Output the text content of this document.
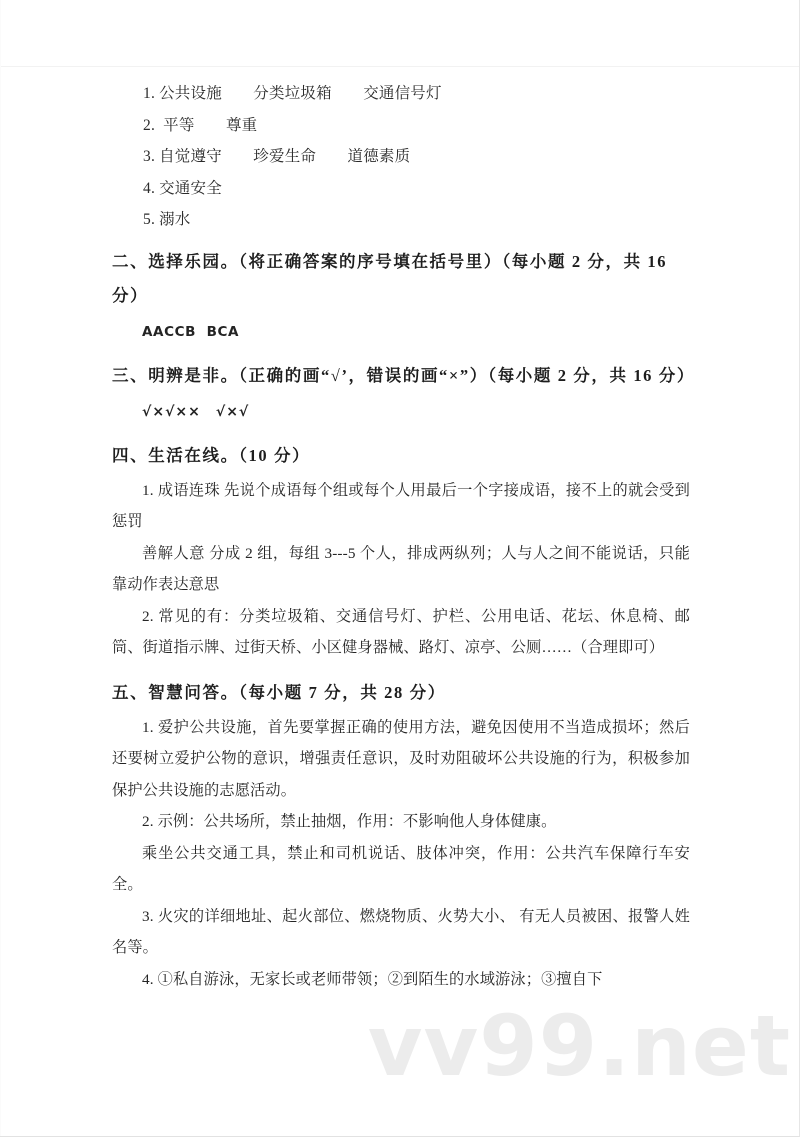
vv99.net
1. 公共设施　　分类垃圾箱　　交通信号灯
2.  平等　　尊重
3. 自觉遵守　　珍爱生命　　道德素质
4. 交通安全
5. 溺水
二、选择乐园。（将正确答案的序号填在括号里）（每小题 2 分，共 16 分）
AACCB  BCA
三、明辨是非。（正确的画“√’，错误的画“×”）（每小题 2 分，共 16 分）
√×√××　√×√
四、生活在线。（10 分）
1. 成语连珠 先说个成语每个组或每个人用最后一个字接成语，接不上的就会受到惩罚
善解人意 分成 2 组，每组 3---5 个人，排成两纵列；人与人之间不能说话，只能靠动作表达意思
2. 常见的有：分类垃圾箱、交通信号灯、护栏、公用电话、花坛、休息椅、邮筒、街道指示牌、过街天桥、小区健身器械、路灯、凉亭、公厕……（合理即可）
五、智慧问答。（每小题 7 分，共 28 分）
1. 爱护公共设施，首先要掌握正确的使用方法，避免因使用不当造成损坏；然后还要树立爱护公物的意识，增强责任意识，及时劝阻破坏公共设施的行为，积极参加保护公共设施的志愿活动。
2. 示例：公共场所，禁止抽烟，作用：不影响他人身体健康。
乘坐公共交通工具，禁止和司机说话、肢体冲突，作用：公共汽车保障行车安全。
3. 火灾的详细地址、起火部位、燃烧物质、火势大小、 有无人员被困、报警人姓名等。
4. ①私自游泳，无家长或老师带领；②到陌生的水域游泳；③擅自下
